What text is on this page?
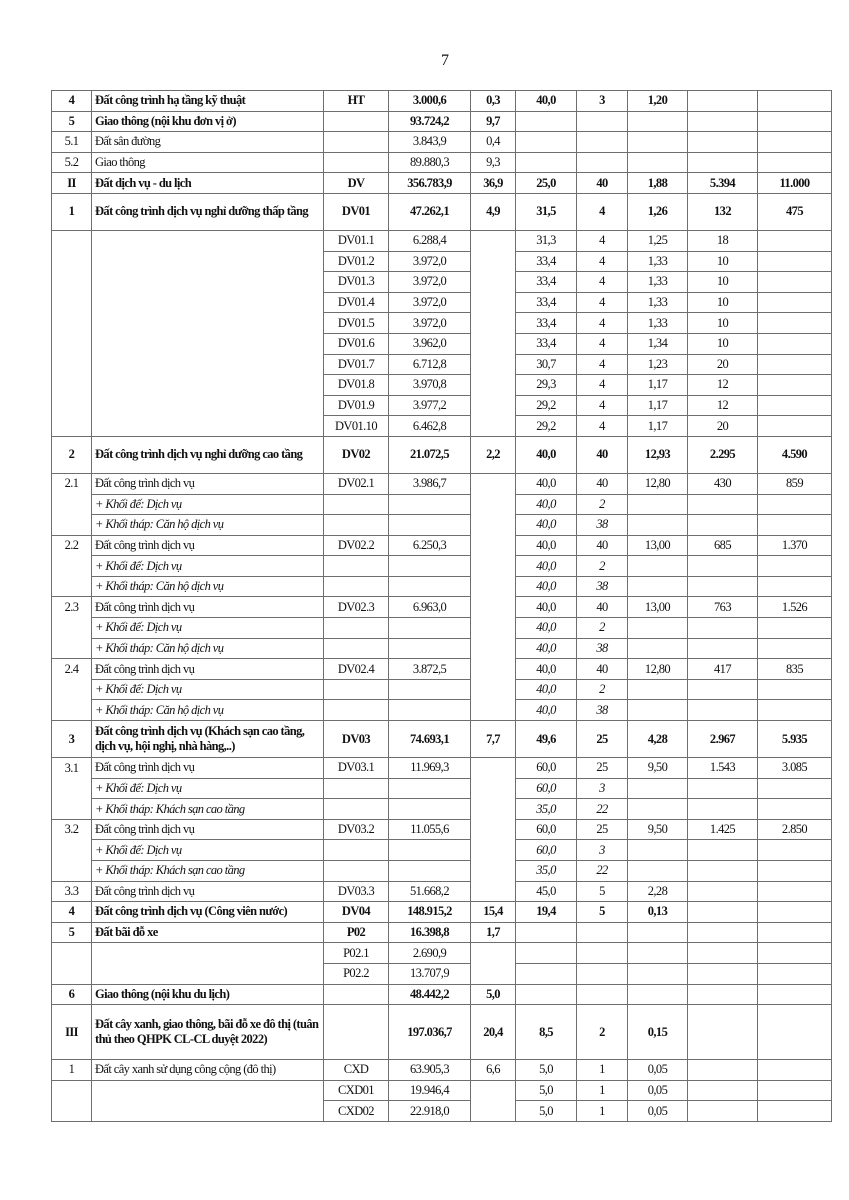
7
4	Đất công trình hạ tầng kỹ thuật	HT	3.000,6	0,3	40,0	3	1,20		
5	Giao thông (nội khu đơn vị ở)		93.724,2	9,7					
5.1	Đất sân đường		3.843,9	0,4					
5.2	Giao thông		89.880,3	9,3					
II	Đất dịch vụ - du lịch	DV	356.783,9	36,9	25,0	40	1,88	5.394	11.000
1	Đất công trình dịch vụ nghỉ dưỡng thấp tầng	DV01	47.262,1	4,9	31,5	4	1,26	132	475
		DV01.1	6.288,4		31,3	4	1,25	18	
		DV01.2	3.972,0		33,4	4	1,33	10	
		DV01.3	3.972,0		33,4	4	1,33	10	
		DV01.4	3.972,0		33,4	4	1,33	10	
		DV01.5	3.972,0		33,4	4	1,33	10	
		DV01.6	3.962,0		33,4	4	1,34	10	
		DV01.7	6.712,8		30,7	4	1,23	20	
		DV01.8	3.970,8		29,3	4	1,17	12	
		DV01.9	3.977,2		29,2	4	1,17	12	
		DV01.10	6.462,8		29,2	4	1,17	20	
2	Đất công trình dịch vụ nghỉ dưỡng cao tầng	DV02	21.072,5	2,2	40,0	40	12,93	2.295	4.590
2.1	Đất công trình dịch vụ	DV02.1	3.986,7		40,0	40	12,80	430	859
	+ Khối đế: Dịch vụ				40,0	2			
	+ Khối tháp: Căn hộ dịch vụ				40,0	38			
2.2	Đất công trình dịch vụ	DV02.2	6.250,3		40,0	40	13,00	685	1.370
	+ Khối đế: Dịch vụ				40,0	2			
	+ Khối tháp: Căn hộ dịch vụ				40,0	38			
2.3	Đất công trình dịch vụ	DV02.3	6.963,0		40,0	40	13,00	763	1.526
	+ Khối đế: Dịch vụ				40,0	2			
	+ Khối tháp: Căn hộ dịch vụ				40,0	38			
2.4	Đất công trình dịch vụ	DV02.4	3.872,5		40,0	40	12,80	417	835
	+ Khối đế: Dịch vụ				40,0	2			
	+ Khối tháp: Căn hộ dịch vụ				40,0	38			
3	Đất công trình dịch vụ (Khách sạn cao tầng, dịch vụ, hội nghị, nhà hàng,..)	DV03	74.693,1	7,7	49,6	25	4,28	2.967	5.935
3.1	Đất công trình dịch vụ	DV03.1	11.969,3		60,0	25	9,50	1.543	3.085
	+ Khối đế: Dịch vụ				60,0	3			
	+ Khối tháp: Khách sạn cao tầng				35,0	22			
3.2	Đất công trình dịch vụ	DV03.2	11.055,6		60,0	25	9,50	1.425	2.850
	+ Khối đế: Dịch vụ				60,0	3			
	+ Khối tháp: Khách sạn cao tầng				35,0	22			
3.3	Đất công trình dịch vụ	DV03.3	51.668,2		45,0	5	2,28		
4	Đất công trình dịch vụ (Công viên nước)	DV04	148.915,2	15,4	19,4	5	0,13		
5	Đất bãi đỗ xe	P02	16.398,8	1,7					
		P02.1	2.690,9						
		P02.2	13.707,9						
6	Giao thông (nội khu du lịch)		48.442,2	5,0					
III	Đất cây xanh, giao thông, bãi đỗ xe đô thị (tuân thủ theo QHPK CL-CL duyệt 2022)		197.036,7	20,4	8,5	2	0,15		
1	Đất cây xanh sử dụng công cộng (đô thị)	CXD	63.905,3	6,6	5,0	1	0,05		
		CXD01	19.946,4		5,0	1	0,05		
		CXD02	22.918,0		5,0	1	0,05		
